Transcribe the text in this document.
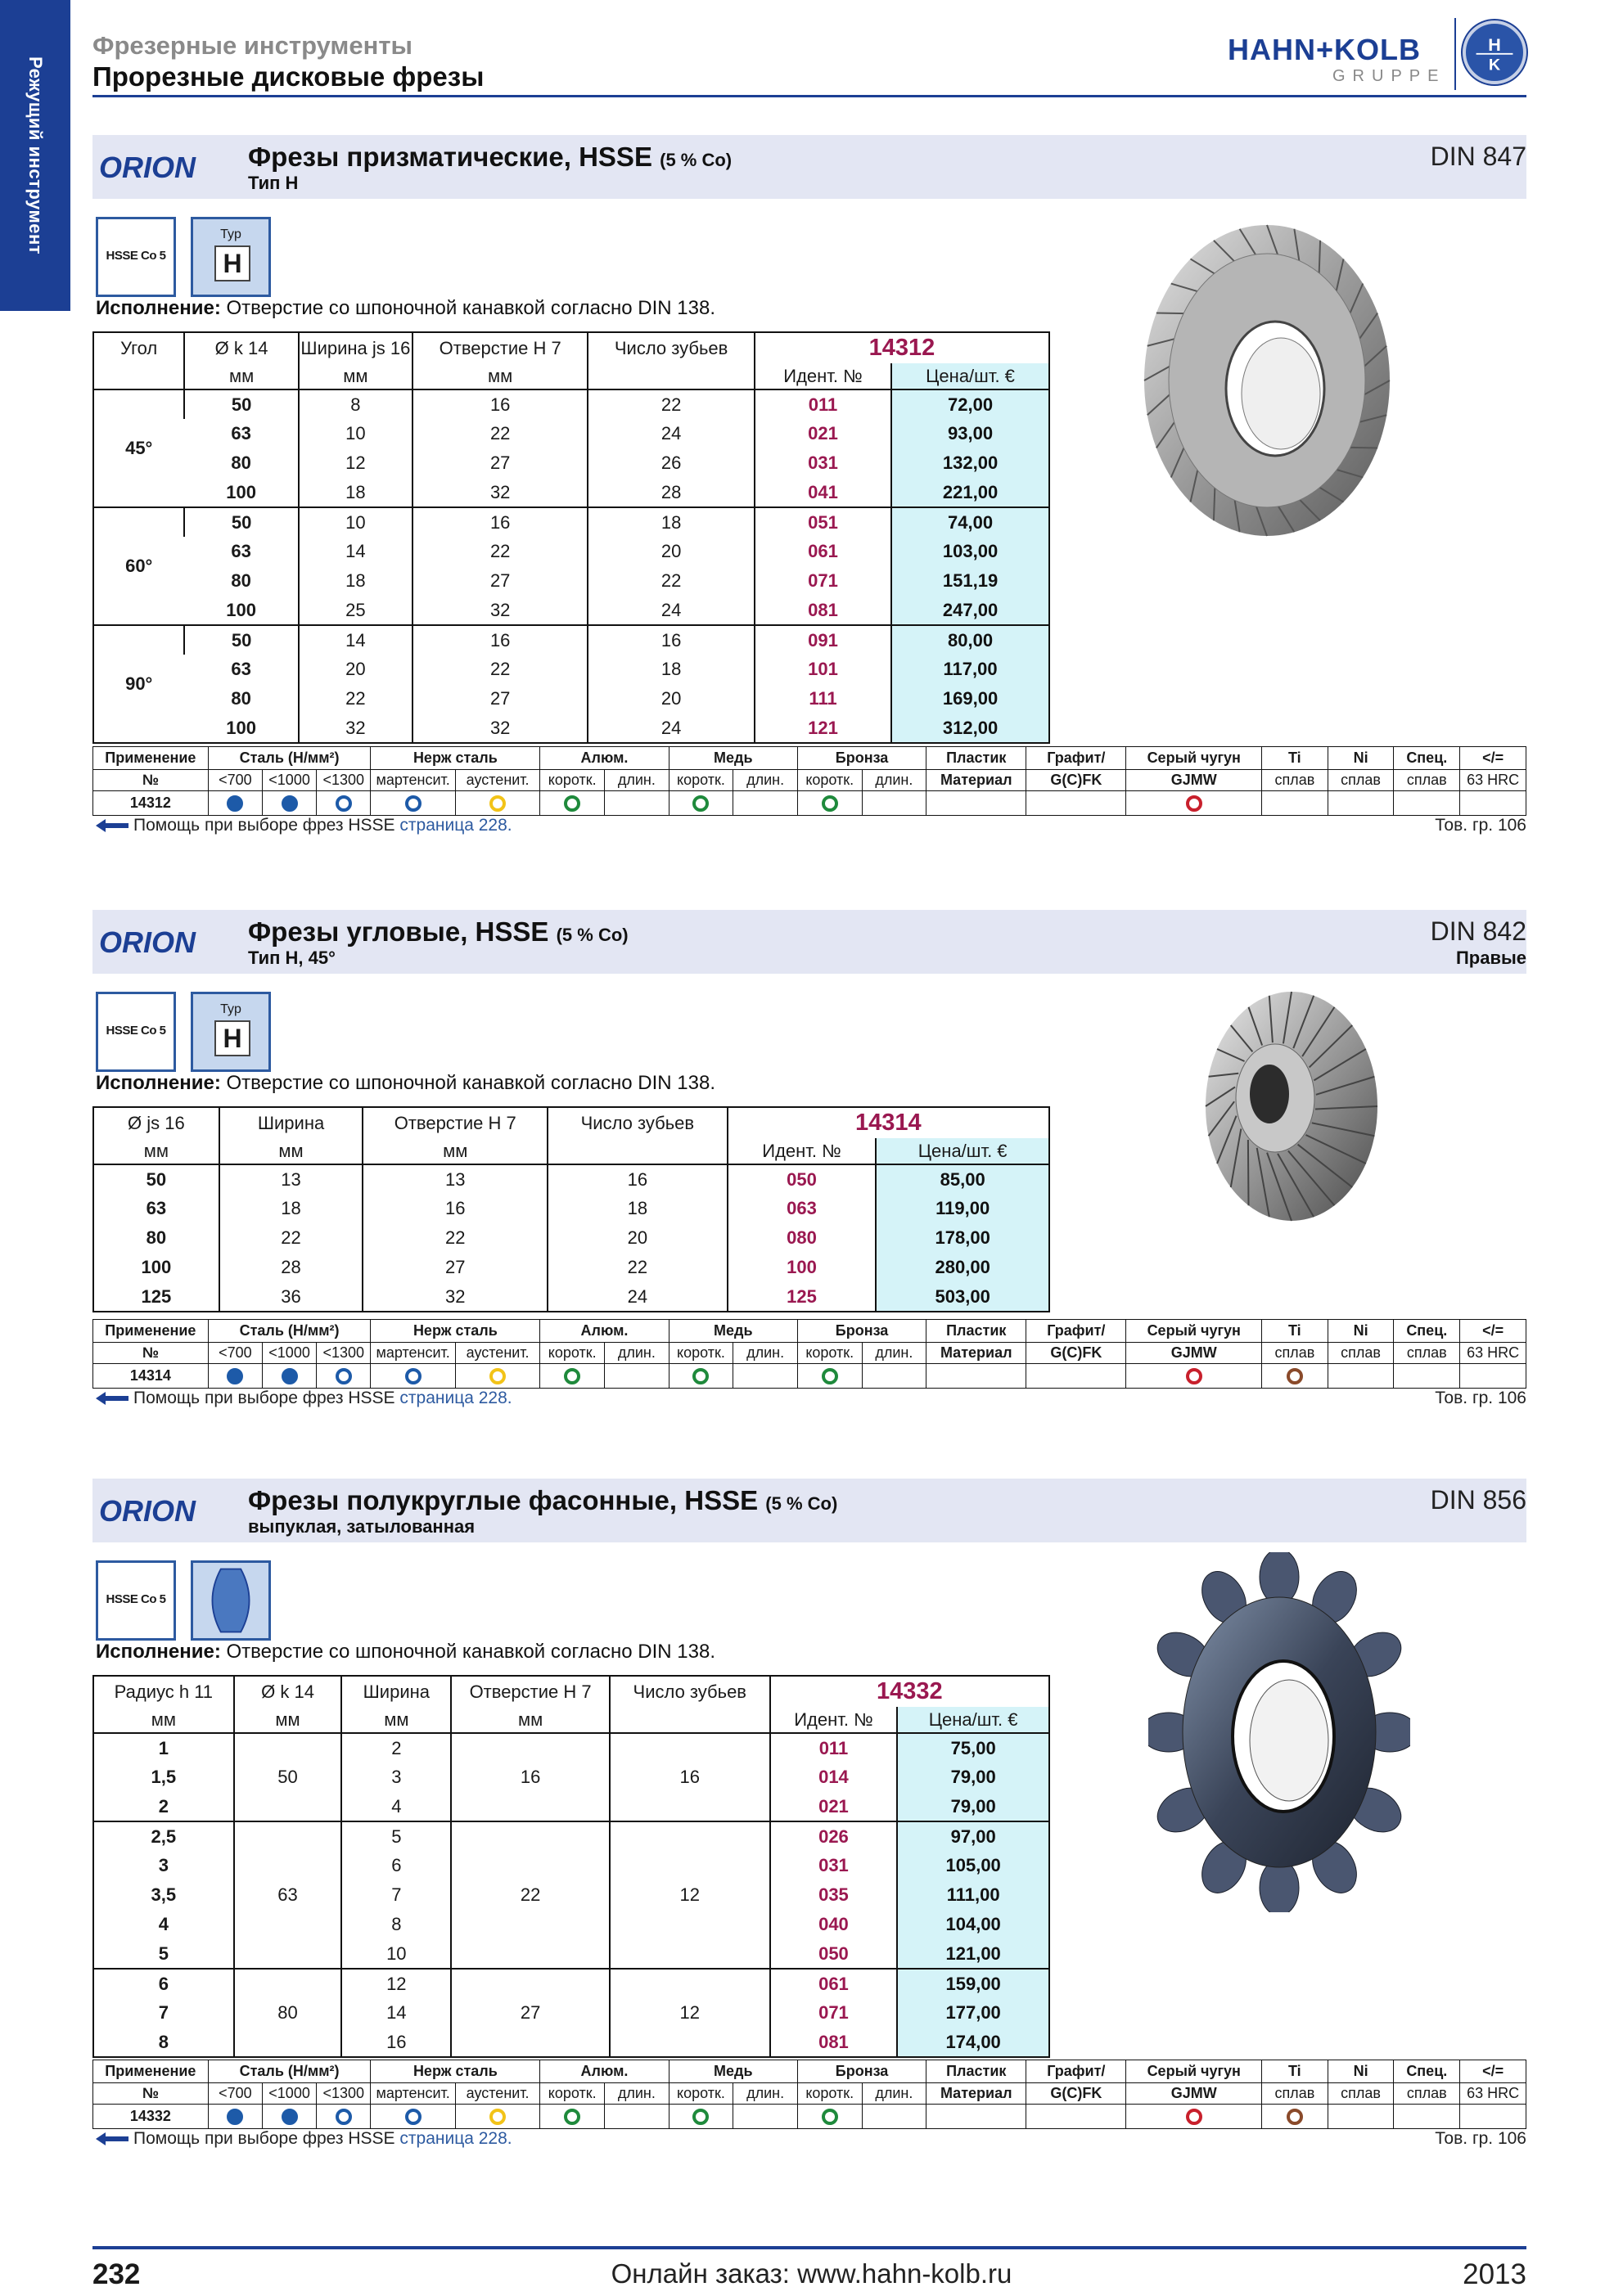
Режущий инструмент
Фрезерные инструменты
Прорезные дисковые фрезы
HAHN+KOLB
GRUPPE
H
K
ORION Фрезы призматические, HSSE (5 % Co)
Тип Н
DIN 847
HSSE Co 5
Typ
H
Исполнение: Отверстие со шпоночной канавкой согласно DIN 138.
Угол	Ø k 14	Ширина js 16	Отверстие Н 7	Число зубьев	14312	
	мм	мм	мм		Идент. №	Цена/шт. €
45°	50	8	16	22	011	72,00
	63	10	22	24	021	93,00
	80	12	27	26	031	132,00
	100	18	32	28	041	221,00
60°	50	10	16	18	051	74,00
	63	14	22	20	061	103,00
	80	18	27	22	071	151,19
	100	25	32	24	081	247,00
90°	50	14	16	16	091	80,00
	63	20	22	18	101	117,00
	80	22	27	20	111	169,00
	100	32	32	24	121	312,00
Применение	Сталь (Н/мм²)			Нерж сталь		Алюм.		Медь		Бронза		Пластик	Графит/	Серый чугун	Ti	Ni	Спец.	</=
№	<700	<1000	<1300	мартенсит.	аустенит.	коротк.	длин.	коротк.	длин.	коротк.	длин.	Материал	G(C)FK	GJMW	сплав	сплав	сплав	63 HRC
14312																		
Помощь при выборе фрез HSSE страница 228.	Тов. гр. 106
ORION Фрезы угловые, HSSE (5 % Co)
Тип Н, 45°
DIN 842
Правые
HSSE Co 5
Typ
H
Исполнение: Отверстие со шпоночной канавкой согласно DIN 138.
Ø js 16	Ширина	Отверстие Н 7	Число зубьев	14314	
мм	мм	мм		Идент. №	Цена/шт. €
50	13	13	16	050	85,00
63	18	16	18	063	119,00
80	22	22	20	080	178,00
100	28	27	22	100	280,00
125	36	32	24	125	503,00
Применение	Сталь (Н/мм²)			Нерж сталь		Алюм.		Медь		Бронза		Пластик	Графит/	Серый чугун	Ti	Ni	Спец.	</=
№	<700	<1000	<1300	мартенсит.	аустенит.	коротк.	длин.	коротк.	длин.	коротк.	длин.	Материал	G(C)FK	GJMW	сплав	сплав	сплав	63 HRC
14314																		
Помощь при выборе фрез HSSE страница 228.	Тов. гр. 106
ORION Фрезы полукруглые фасонные, HSSE (5 % Co)
выпуклая, затылованная
DIN 856
HSSE Co 5
Исполнение: Отверстие со шпоночной канавкой согласно DIN 138.
Радиус h 11	Ø k 14	Ширина	Отверстие Н 7	Число зубьев	14332	
мм	мм	мм	мм		Идент. №	Цена/шт. €
1	50	2	16	16	011	75,00
1,5		3			014	79,00
2		4			021	79,00
2,5	63	5	22	12	026	97,00
3		6			031	105,00
3,5		7			035	111,00
4		8			040	104,00
5		10			050	121,00
6	80	12	27	12	061	159,00
7		14			071	177,00
8		16			081	174,00
Применение	Сталь (Н/мм²)			Нерж сталь		Алюм.		Медь		Бронза		Пластик	Графит/	Серый чугун	Ti	Ni	Спец.	</=
№	<700	<1000	<1300	мартенсит.	аустенит.	коротк.	длин.	коротк.	длин.	коротк.	длин.	Материал	G(C)FK	GJMW	сплав	сплав	сплав	63 HRC
14332																		
Помощь при выборе фрез HSSE страница 228.	Тов. гр. 106
232	Онлайн заказ: www.hahn-kolb.ru	2013
